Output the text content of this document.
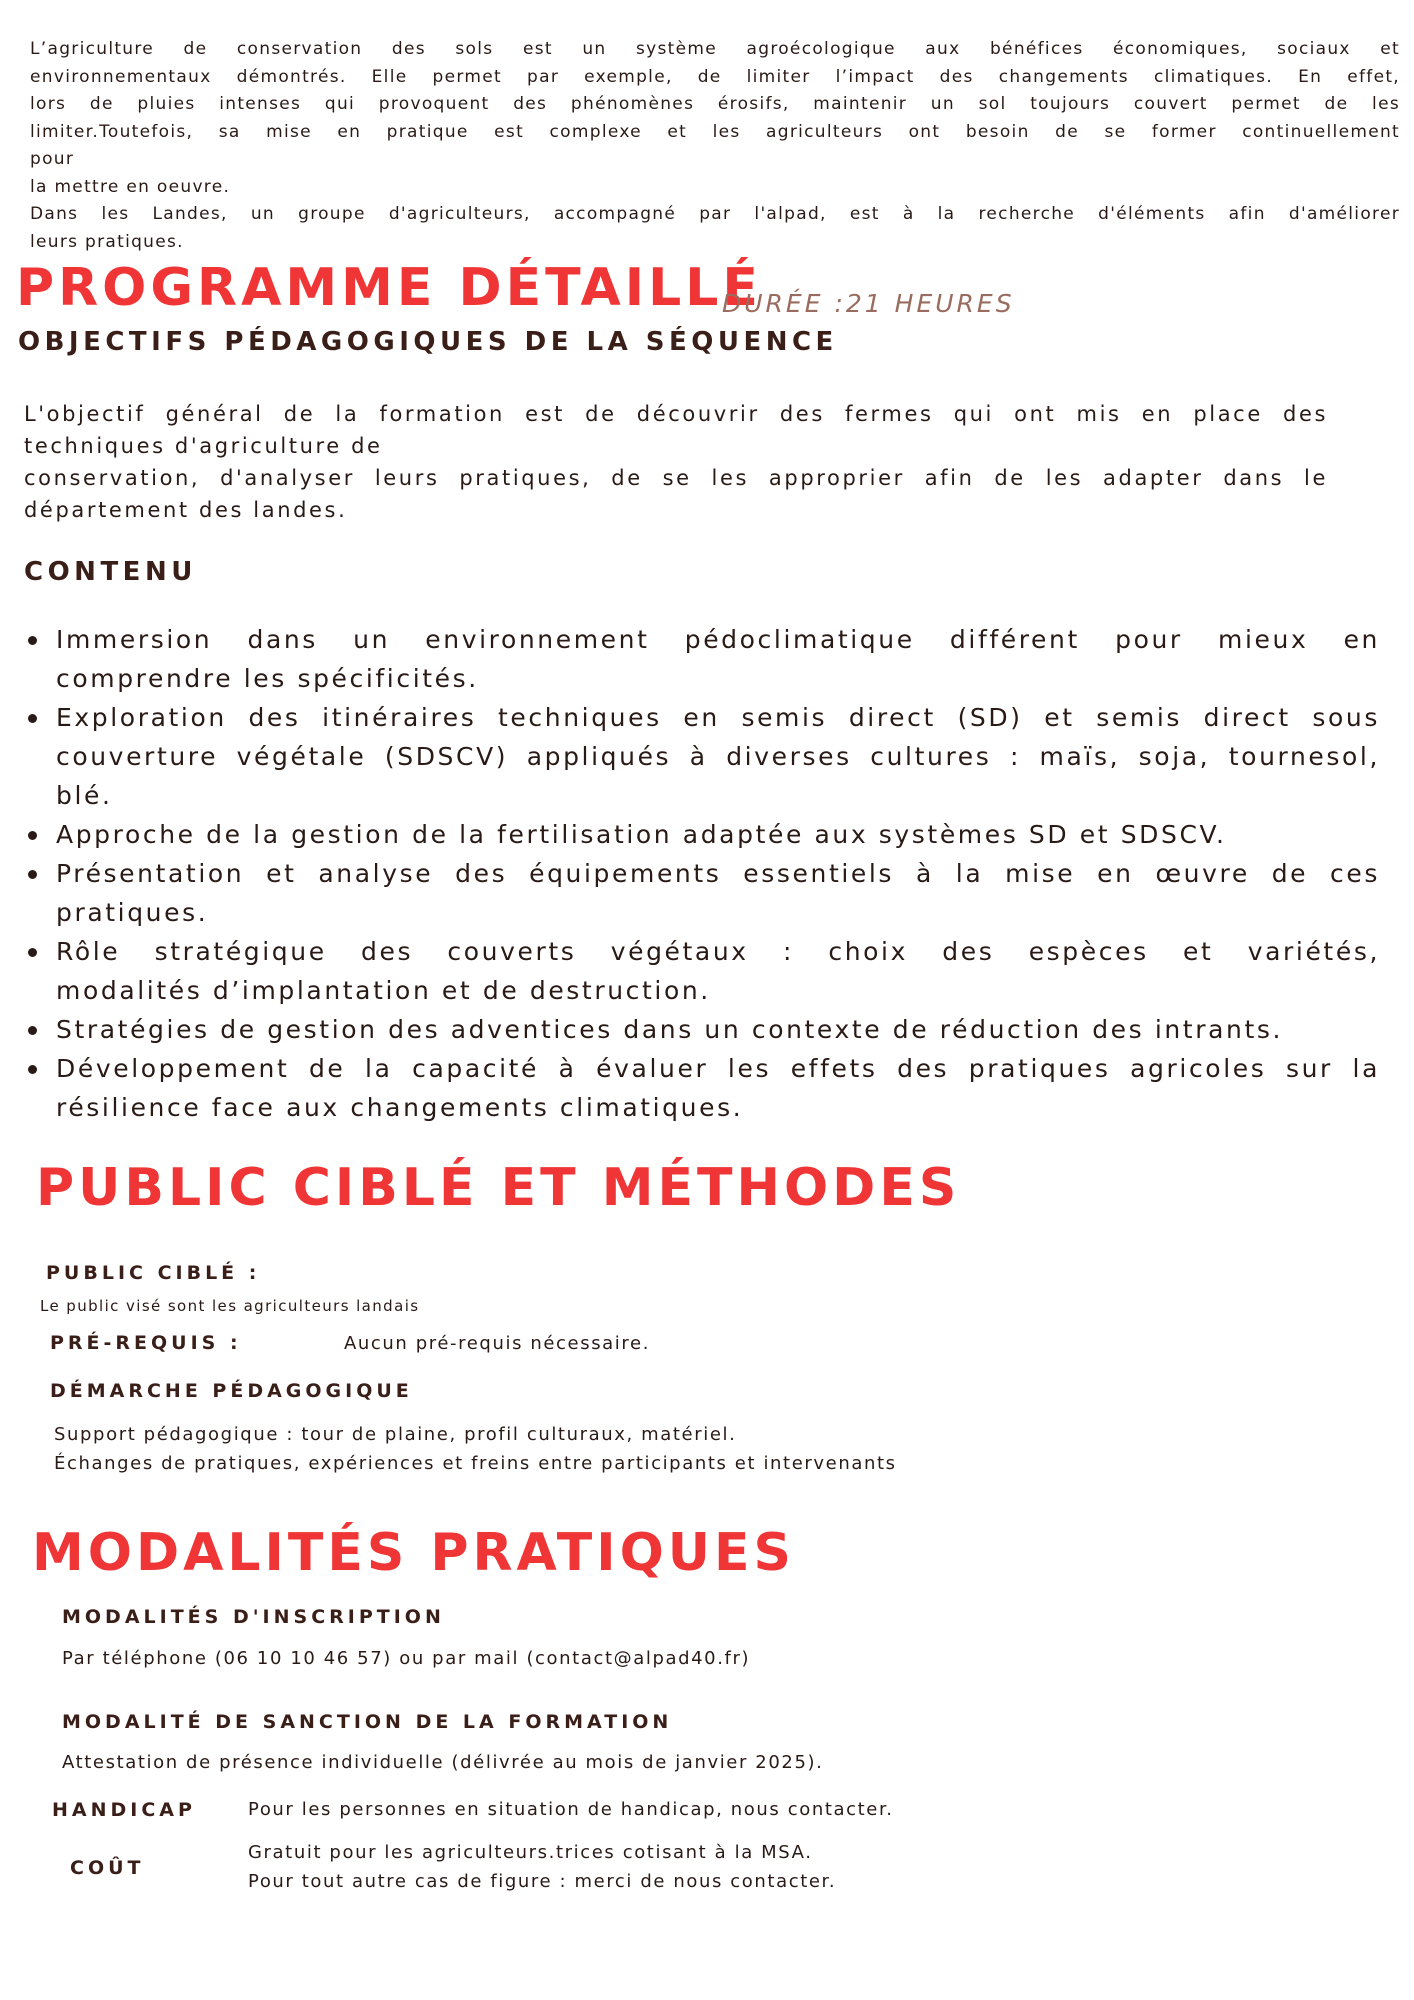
L’agriculture de conservation des sols est un système agroécologique aux bénéfices économiques, sociaux et
environnementaux démontrés. Elle permet par exemple, de limiter l’impact des changements climatiques. En effet,
lors de pluies intenses qui provoquent des phénomènes érosifs, maintenir un sol toujours couvert permet de les
limiter.Toutefois, sa mise en pratique est complexe et les agriculteurs ont besoin de se former continuellement
pour
la mettre en oeuvre.
Dans les Landes, un groupe d'agriculteurs, accompagné par l'alpad, est à la recherche d'éléments afin d'améliorer
leurs pratiques.
PROGRAMME DÉTAILLÉ
DURÉE :21 HEURES
OBJECTIFS PÉDAGOGIQUES DE LA SÉQUENCE
L'objectif général de la formation est de découvrir des fermes qui ont mis en place des
techniques d'agriculture de
conservation, d'analyser leurs pratiques, de se les approprier afin de les adapter dans le
département des landes.
CONTENU
Immersion dans un environnement pédoclimatique différent pour mieux en
comprendre les spécificités.
Exploration des itinéraires techniques en semis direct (SD) et semis direct sous
couverture végétale (SDSCV) appliqués à diverses cultures : maïs, soja, tournesol,
blé.
Approche de la gestion de la fertilisation adaptée aux systèmes SD et SDSCV.
Présentation et analyse des équipements essentiels à la mise en œuvre de ces
pratiques.
Rôle stratégique des couverts végétaux : choix des espèces et variétés,
modalités d’implantation et de destruction.
Stratégies de gestion des adventices dans un contexte de réduction des intrants.
Développement de la capacité à évaluer les effets des pratiques agricoles sur la
résilience face aux changements climatiques.
PUBLIC CIBLÉ ET MÉTHODES
PUBLIC CIBLÉ :
Le public visé sont les agriculteurs landais
PRÉ-REQUIS :	Aucun pré-requis nécessaire.
DÉMARCHE PÉDAGOGIQUE
Support pédagogique : tour de plaine, profil culturaux, matériel.
Échanges de pratiques, expériences et freins entre participants et intervenants
MODALITÉS PRATIQUES
MODALITÉS D'INSCRIPTION
Par téléphone (06 10 10 46 57) ou par mail (contact@alpad40.fr)
MODALITÉ DE SANCTION DE LA FORMATION
Attestation de présence individuelle (délivrée au mois de janvier 2025).
HANDICAP	Pour les personnes en situation de handicap, nous contacter.
COÛT
Gratuit pour les agriculteurs.trices cotisant à la MSA.
Pour tout autre cas de figure : merci de nous contacter.
